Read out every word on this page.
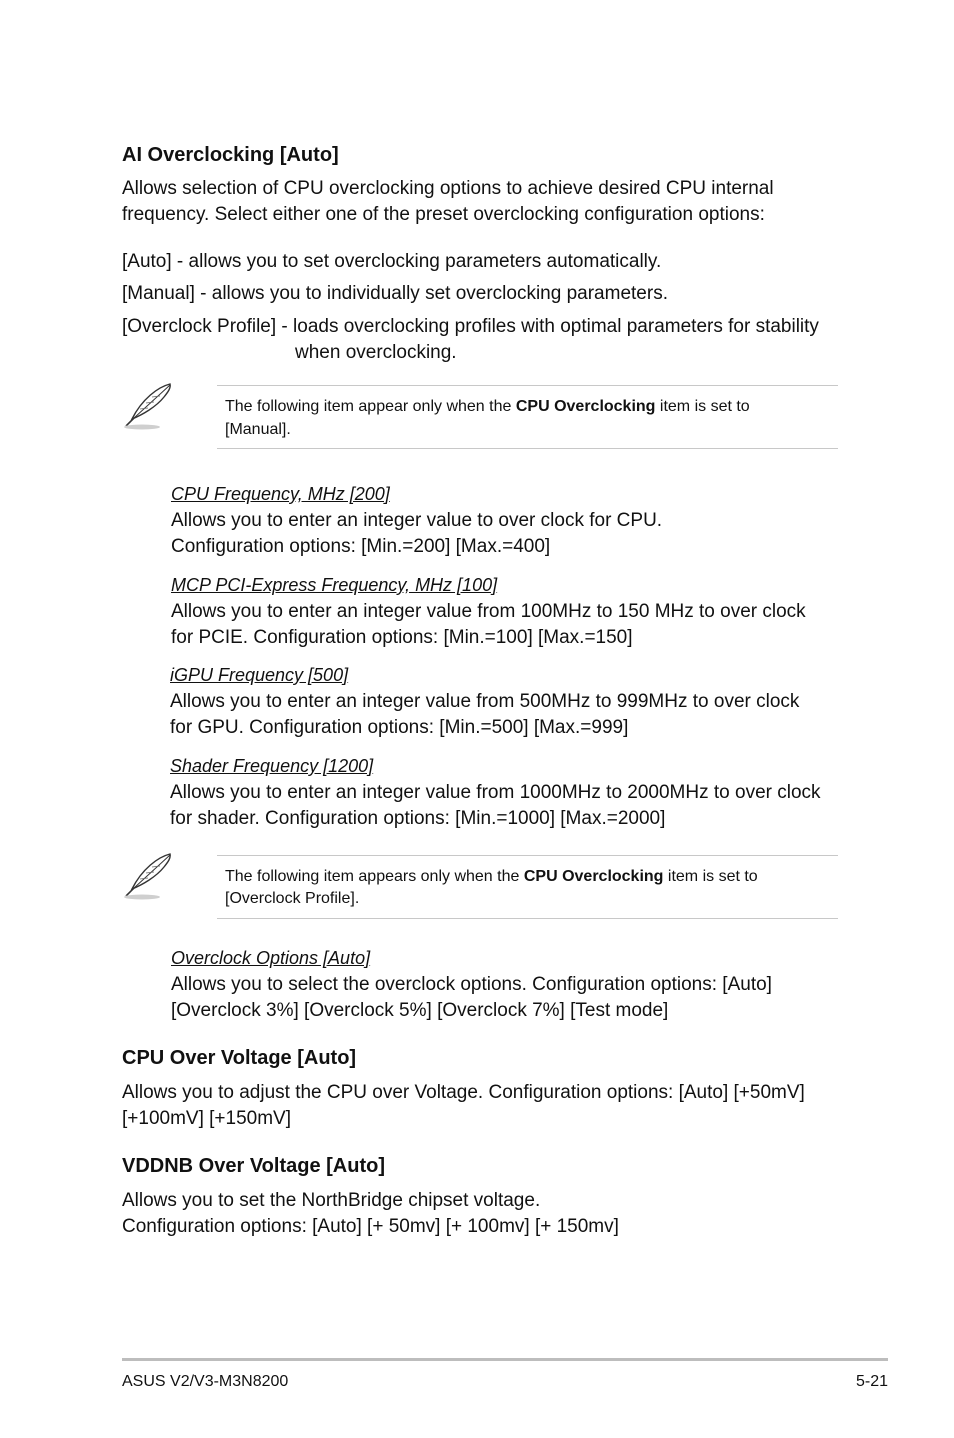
AI Overclocking [Auto]
Allows selection of CPU overclocking options to achieve desired CPU internal
frequency. Select either one of the preset overclocking configuration options:
[Auto] - allows you to set overclocking parameters automatically.
[Manual] - allows you to individually set overclocking parameters.
[Overclock Profile] - loads overclocking profiles with optimal parameters for stability
when overclocking.
The following item appear only when the CPU Overclocking item is set to
[Manual].
CPU Frequency, MHz [200]
Allows you to enter an integer value to over clock for CPU.
Configuration options: [Min.=200] [Max.=400]
MCP PCI-Express Frequency, MHz [100]
Allows you to enter an integer value from 100MHz to 150 MHz to over clock
for PCIE. Configuration options: [Min.=100] [Max.=150]
iGPU Frequency [500]
Allows you to enter an integer value from 500MHz to 999MHz to over clock
for GPU. Configuration options: [Min.=500] [Max.=999]
Shader Frequency [1200]
Allows you to enter an integer value from 1000MHz to 2000MHz to over clock
for shader. Configuration options: [Min.=1000] [Max.=2000]
The following item appears only when the CPU Overclocking item is set to
[Overclock Profile].
Overclock Options [Auto]
Allows you to select the overclock options. Configuration options: [Auto]
[Overclock 3%] [Overclock 5%] [Overclock 7%] [Test mode]
CPU Over Voltage [Auto]
Allows you to adjust the CPU over Voltage. Configuration options: [Auto] [+50mV]
[+100mV] [+150mV]
VDDNB Over Voltage [Auto]
Allows you to set the NorthBridge chipset voltage.
Configuration options: [Auto] [+ 50mv] [+ 100mv] [+ 150mv]
ASUS V2/V3-M3N8200	5-21
